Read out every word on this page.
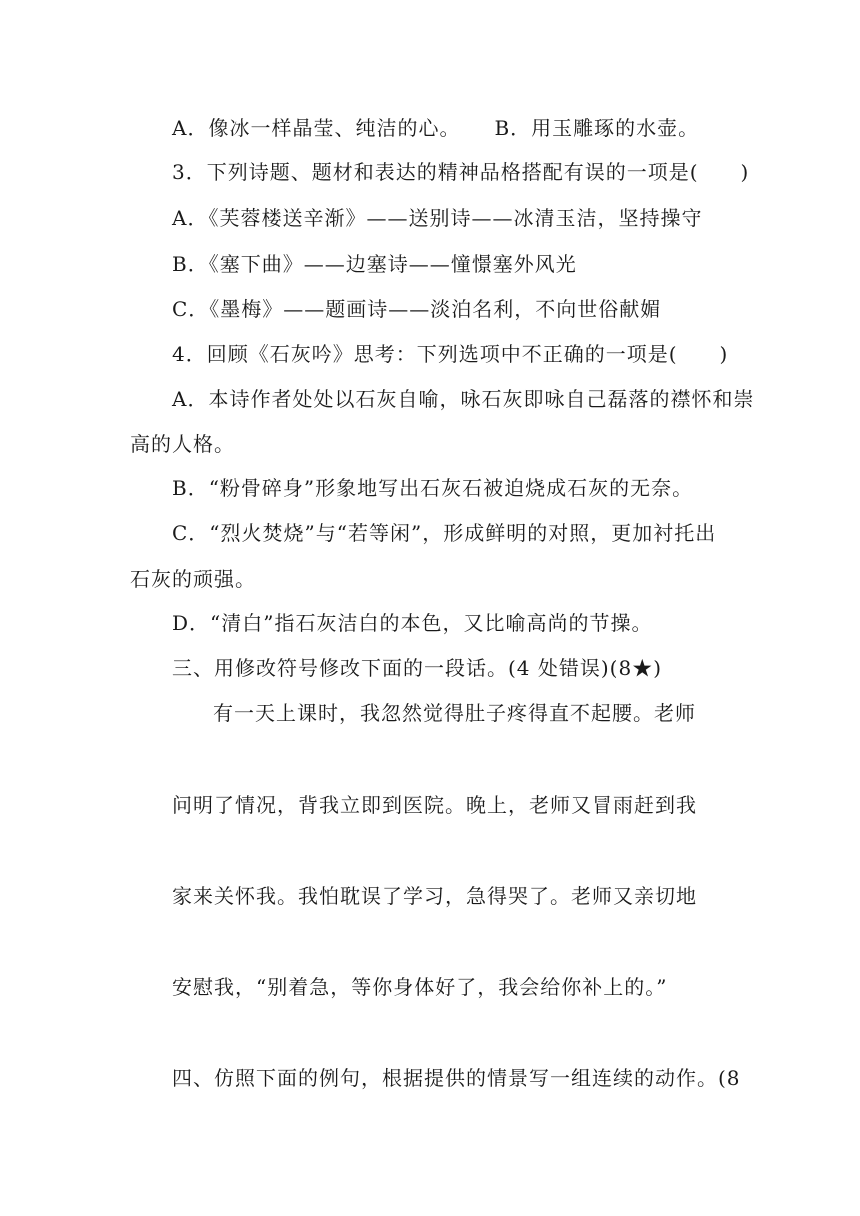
A．像冰一样晶莹、纯洁的心。 B．用玉雕琢的水壶。
3．下列诗题、题材和表达的精神品格搭配有误的一项是(　　)
A．《芙蓉楼送辛渐》——送别诗——冰清玉洁，坚持操守
B．《塞下曲》——边塞诗——憧憬塞外风光
C．《墨梅》——题画诗——淡泊名利，不向世俗献媚
4．回顾《石灰吟》思考：下列选项中不正确的一项是(　　)
A．本诗作者处处以石灰自喻，咏石灰即咏自己磊落的襟怀和崇
高的人格。
B．“粉骨碎身”形象地写出石灰石被迫烧成石灰的无奈。
C．“烈火焚烧”与“若等闲”，形成鲜明的对照，更加衬托出
石灰的顽强。
D．“清白”指石灰洁白的本色，又比喻高尚的节操。
三、用修改符号修改下面的一段话。(4 处错误)(8★)
有一天上课时，我忽然觉得肚子疼得直不起腰。老师
问明了情况，背我立即到医院。晚上，老师又冒雨赶到我
家来关怀我。我怕耽误了学习，急得哭了。老师又亲切地
安慰我，“别着急，等你身体好了，我会给你补上的。”
四、仿照下面的例句，根据提供的情景写一组连续的动作。(8
